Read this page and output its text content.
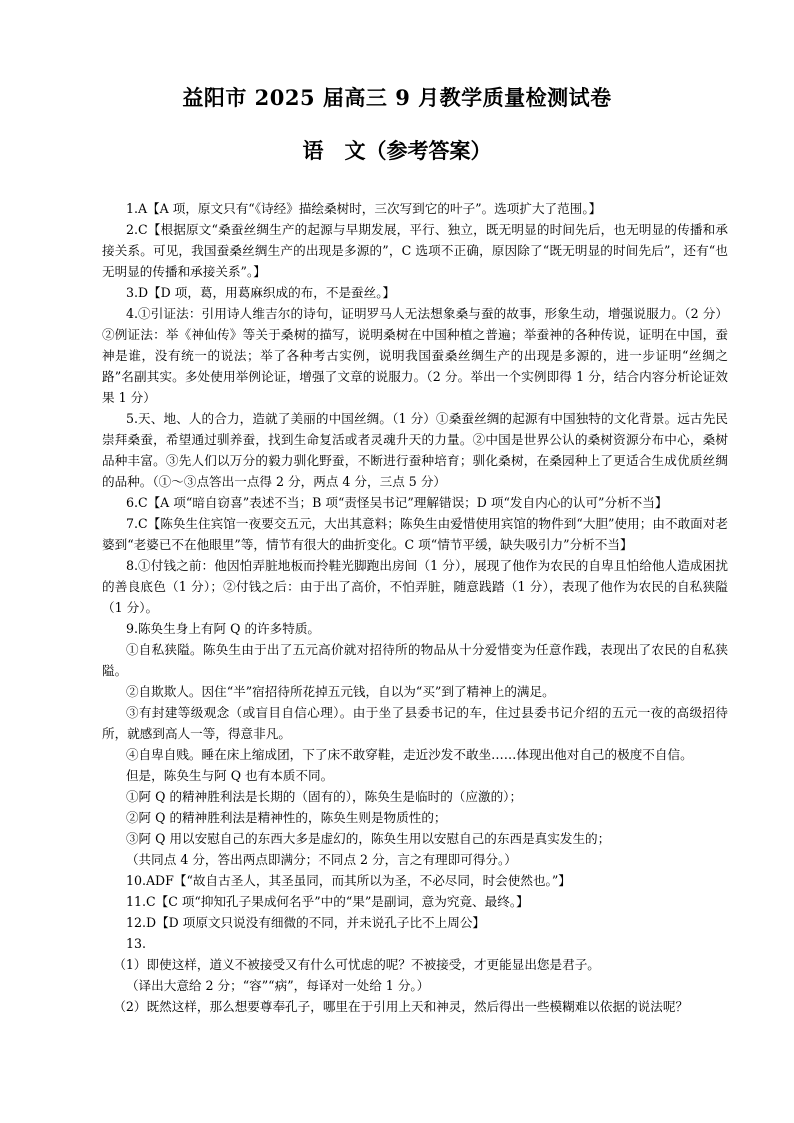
益阳市 2025 届高三 9 月教学质量检测试卷
语　文（参考答案）

1.A【A 项，原文只有“《诗经》描绘桑树时，三次写到它的叶子”。选项扩大了范围。】

2.C【根据原文“桑蚕丝绸生产的起源与早期发展，平行、独立，既无明显的时间先后，也无明显的传播和承接关系。可见，我国蚕桑丝绸生产的出现是多源的”，C 选项不正确，原因除了“既无明显的时间先后”，还有“也无明显的传播和承接关系”。】

3.D【D 项，葛，用葛麻织成的布，不是蚕丝。】

4.①引证法：引用诗人维吉尔的诗句，证明罗马人无法想象桑与蚕的故事，形象生动，增强说服力。（2 分）②例证法：举《神仙传》等关于桑树的描写，说明桑树在中国种植之普遍；举蚕神的各种传说，证明在中国，蚕神是谁，没有统一的说法；举了各种考古实例，说明我国蚕桑丝绸生产的出现是多源的，进一步证明“丝绸之路”名副其实。多处使用举例论证，增强了文章的说服力。（2 分。举出一个实例即得 1 分，结合内容分析论证效果 1 分）

5.天、地、人的合力，造就了美丽的中国丝绸。（1 分）①桑蚕丝绸的起源有中国独特的文化背景。远古先民崇拜桑蚕，希望通过驯养蚕，找到生命复活或者灵魂升天的力量。②中国是世界公认的桑树资源分布中心，桑树品种丰富。③先人们以万分的毅力驯化野蚕，不断进行蚕种培育；驯化桑树，在桑园种上了更适合生成优质丝绸的品种。（①～③点答出一点得 2 分，两点 4 分，三点 5 分）

6.C【A 项“暗自窃喜”表述不当；B 项“责怪吴书记”理解错误；D 项“发自内心的认可”分析不当】

7.C【陈奂生住宾馆一夜要交五元，大出其意料；陈奂生由爱惜使用宾馆的物件到“大胆”使用；由不敢面对老婆到“老婆已不在他眼里”等，情节有很大的曲折变化。C 项“情节平缓，缺失吸引力”分析不当】

8.①付钱之前：他因怕弄脏地板而拎鞋光脚跑出房间（1 分），展现了他作为农民的自卑且怕给他人造成困扰的善良底色（1 分）；②付钱之后：由于出了高价，不怕弄脏，随意践踏（1 分），表现了他作为农民的自私狭隘（1 分）。

9.陈奂生身上有阿 Q 的许多特质。

①自私狭隘。陈奂生由于出了五元高价就对招待所的物品从十分爱惜变为任意作践，表现出了农民的自私狭隘。

②自欺欺人。因住“半”宿招待所花掉五元钱，自以为“买”到了精神上的满足。

③有封建等级观念（或盲目自信心理）。由于坐了县委书记的车，住过县委书记介绍的五元一夜的高级招待所，就感到高人一等，得意非凡。

④自卑自贱。睡在床上缩成团，下了床不敢穿鞋，走近沙发不敢坐……体现出他对自己的极度不自信。

但是，陈奂生与阿 Q 也有本质不同。

①阿 Q 的精神胜利法是长期的（固有的），陈奂生是临时的（应激的）；

②阿 Q 的精神胜利法是精神性的，陈奂生则是物质性的；

③阿 Q 用以安慰自己的东西大多是虚幻的，陈奂生用以安慰自己的东西是真实发生的；

（共同点 4 分，答出两点即满分；不同点 2 分，言之有理即可得分。）

10.ADF【“故自古圣人，其圣虽同，而其所以为圣，不必尽同，时会使然也。”】

11.C【C 项“抑知孔子果成何名乎”中的“果”是副词，意为究竟、最终。】

12.D【D 项原文只说没有细微的不同，并未说孔子比不上周公】

13.

（1）即使这样，道义不被接受又有什么可忧虑的呢？不被接受，才更能显出您是君子。

（译出大意给 2 分；“容”“病”，每译对一处给 1 分。）

（2）既然这样，那么想要尊奉孔子，哪里在于引用上天和神灵，然后得出一些模糊难以依据的说法呢？
